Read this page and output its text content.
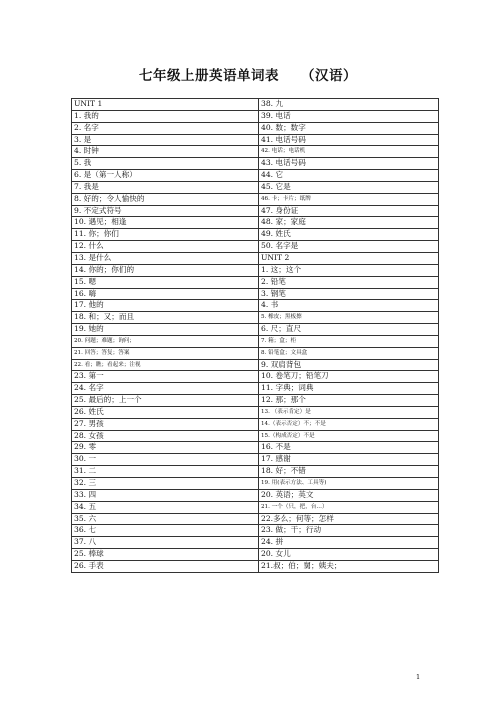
七年级上册英语单词表 （汉语）
UNIT 1	38. 九
1. 我的	39. 电话
2. 名字	40. 数；数字
3. 是	41. 电话号码
4. 时钟	42. 电话；电话机
5. 我	43. 电话号码
6. 是（第一人称）	44. 它
7. 我是	45. 它是
8. 好的；令人愉快的	46. 卡；卡片；纸牌
9. 不定式符号	47. 身份证
10. 遇见；相逢	48. 家；家庭
11. 你；你们	49. 姓氏
12. 什么	50. 名字是
13. 是什么	UNIT 2
14. 你的；你们的	1. 这；这个
15. 嗯	2. 铅笔
16. 嗨	3. 钢笔
17. 他的	4. 书
18. 和；又；而且	5. 橡皮；黑板擦
19. 她的	6. 尺；直尺
20. 问题；难题；询问；	7. 箱；盒；柜
21. 回答；答复；答案	8. 铅笔盒；文具盒
22. 看；瞧；看起来；注视	9. 双肩背包
23. 第一	10. 卷笔刀；铅笔刀
24. 名字	11. 字典；词典
25. 最后的；上一个	12. 那；那个
26. 姓氏	13. （表示肯定）是
27. 男孩	14.（表示否定）不；不是
28. 女孩	15.（构成否定）不是
29. 零	16. 不是
30. 一	17. 感谢
31. 二	18. 好；不错
32. 三	19. 用(表示方法、工具等)
33. 四	20. 英语；英文
34. 五	21. 一个（只，把，台…）
35. 六	22.多么；何等；怎样
36. 七	23. 做；干；行动
37. 八	24. 拼
25. 棒球	20. 女儿
26. 手表	21.叔；伯；舅；姨夫；
1
